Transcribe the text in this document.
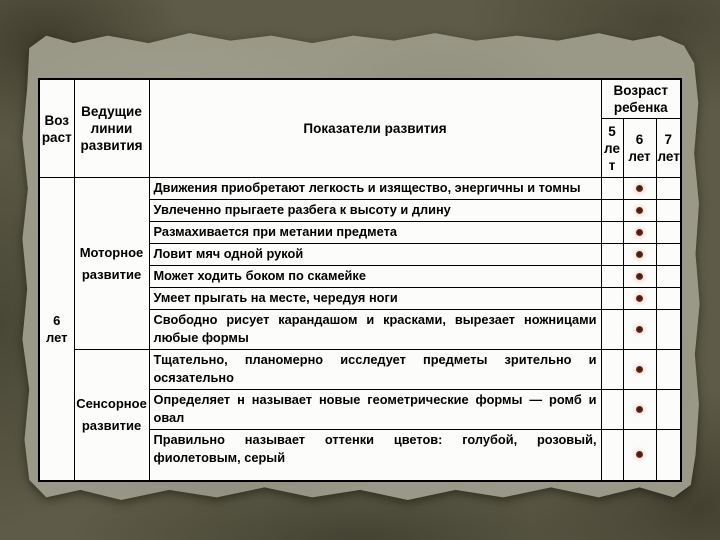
Возраст	Ведущие линии развития	Показатели развития	Возраст ребенка		
			5 лет	6 лет	7 лет
6 лет	Моторное развитие	Движения приобретают легкость и изящество, энергичны и томны			
		Увлеченно прыгаете разбега к высоту и длину			
		Размахивается при метании предмета			
		Ловит мяч одной рукой			
		Может ходить боком по скамейке			
		Умеет прыгать на месте, чередуя ноги			
		Свободно рисует карандашом и красками, вырезает ножницами любые формы			
	Сенсорное развитие	Тщательно, планомерно исследует предметы зрительно и осязательно			
		Определяет н называет новые геометрические формы — ромб и овал			
		Правильно называет оттенки цветов: голубой, розовый, фиолетовым, серый			
